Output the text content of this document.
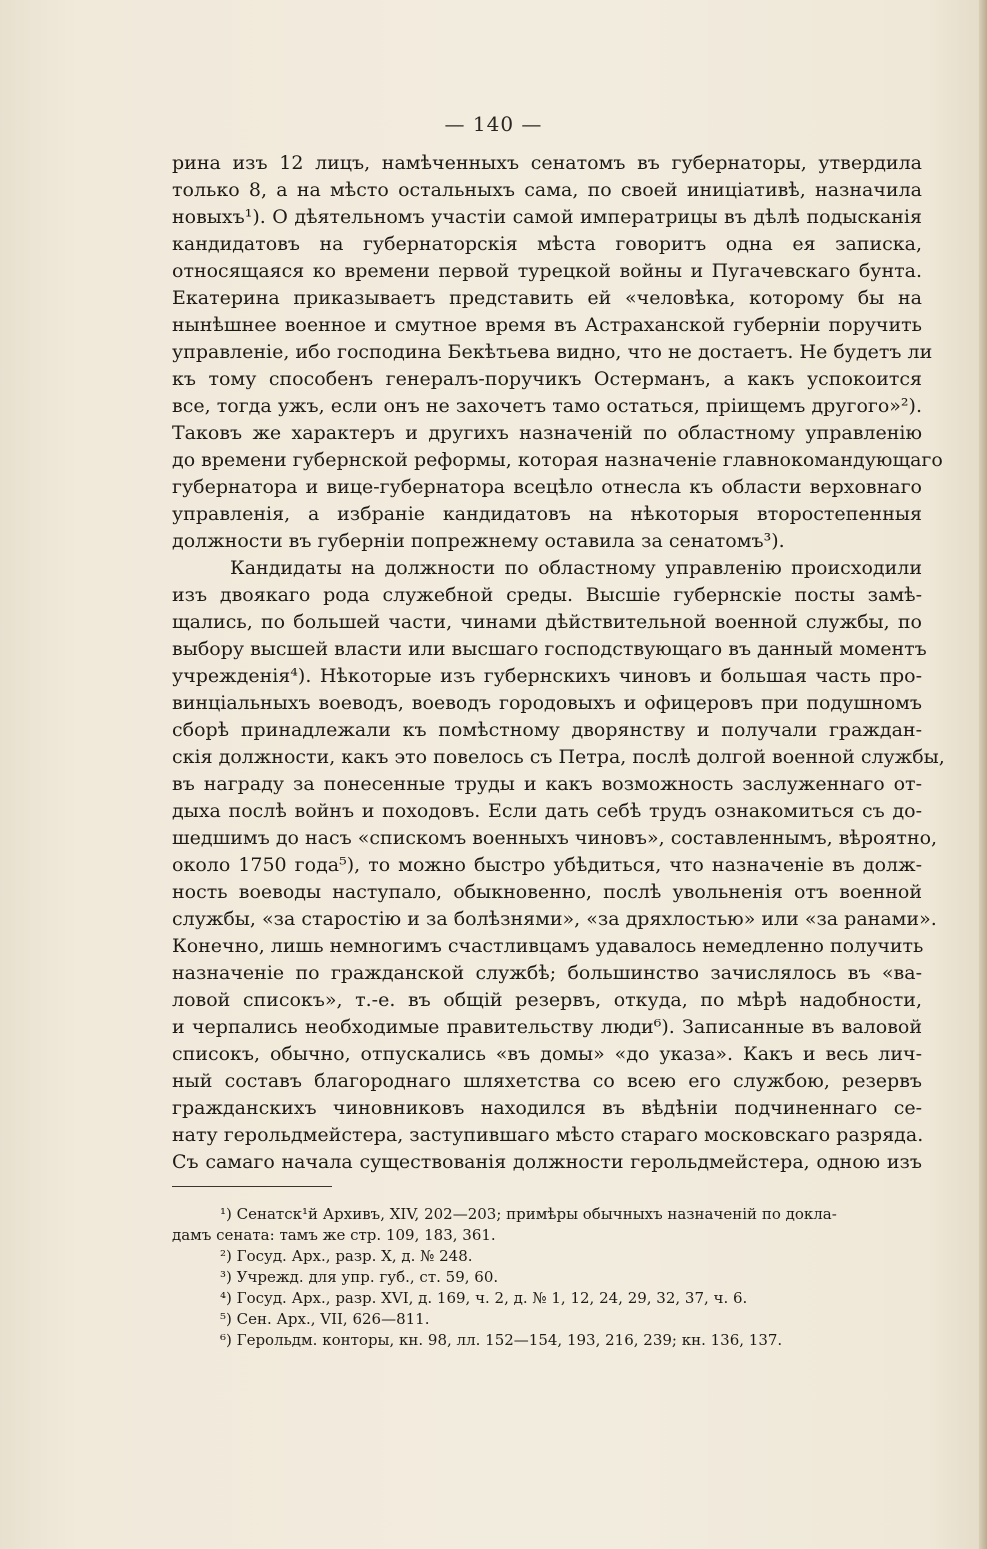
— 140 —
рина изъ 12 лицъ, намѣченныхъ сенатомъ въ губернаторы, утвердила
только 8, а на мѣсто остальныхъ сама, по своей иниціативѣ, назначила
новыхъ¹). О дѣятельномъ участіи самой императрицы въ дѣлѣ подысканія
кандидатовъ на губернаторскія мѣста говоритъ одна ея записка,
относящаяся ко времени первой турецкой войны и Пугачевскаго бунта.
Екатерина приказываетъ представить ей «человѣка, которому бы на
нынѣшнее военное и смутное время въ Астраханской губерніи поручить
управленіе, ибо господина Бекѣтьева видно, что не достаетъ. Не будетъ ли
къ тому способенъ генералъ-поручикъ Остерманъ, а какъ успокоится
все, тогда ужъ, если онъ не захочетъ тамо остаться, пріищемъ другого»²).
Таковъ же характеръ и другихъ назначеній по областному управленію
до времени губернской реформы, которая назначеніе главнокомандующаго
губернатора и вице-губернатора всецѣло отнесла къ области верховнаго
управленія, а избраніе кандидатовъ на нѣкоторыя второстепенныя
должности въ губерніи попрежнему оставила за сенатомъ³).
Кандидаты на должности по областному управленію происходили
изъ двоякаго рода служебной среды. Высшіе губернскіе посты замѣ-
щались, по большей части, чинами дѣйствительной военной службы, по
выбору высшей власти или высшаго господствующаго въ данный моментъ
учрежденія⁴). Нѣкоторые изъ губернскихъ чиновъ и большая часть про-
винціальныхъ воеводъ, воеводъ городовыхъ и офицеровъ при подушномъ
сборѣ принадлежали къ помѣстному дворянству и получали граждан-
скія должности, какъ это повелось съ Петра, послѣ долгой военной службы,
въ награду за понесенные труды и какъ возможность заслуженнаго от-
дыха послѣ войнъ и походовъ. Если дать себѣ трудъ ознакомиться съ до-
шедшимъ до насъ «спискомъ военныхъ чиновъ», составленнымъ, вѣроятно,
около 1750 года⁵), то можно быстро убѣдиться, что назначеніе въ долж-
ность воеводы наступало, обыкновенно, послѣ увольненія отъ военной
службы, «за старостію и за болѣзнями», «за дряхлостью» или «за ранами».
Конечно, лишь немногимъ счастливцамъ удавалось немедленно получить
назначеніе по гражданской службѣ; большинство зачислялось въ «ва-
ловой списокъ», т.-е. въ общій резервъ, откуда, по мѣрѣ надобности,
и черпались необходимые правительству люди⁶). Записанные въ валовой
списокъ, обычно, отпускались «въ домы» «до указа». Какъ и весь лич-
ный составъ благороднаго шляхетства со всею его службою, резервъ
гражданскихъ чиновниковъ находился въ вѣдѣніи подчиненнаго се-
нату герольдмейстера, заступившаго мѣсто стараго московскаго разряда.
Съ самаго начала существованія должности герольдмейстера, одною изъ
¹) Сенатск¹й Архивъ, XIV, 202—203; примѣры обычныхъ назначеній по докла-
дамъ сената: тамъ же стр. 109, 183, 361.
²) Госуд. Арх., разр. X, д. № 248.
³) Учрежд. для упр. губ., ст. 59, 60.
⁴) Госуд. Арх., разр. XVI, д. 169, ч. 2, д. № 1, 12, 24, 29, 32, 37, ч. 6.
⁵) Сен. Арх., VII, 626—811.
⁶) Герольдм. конторы, кн. 98, лл. 152—154, 193, 216, 239; кн. 136, 137.
